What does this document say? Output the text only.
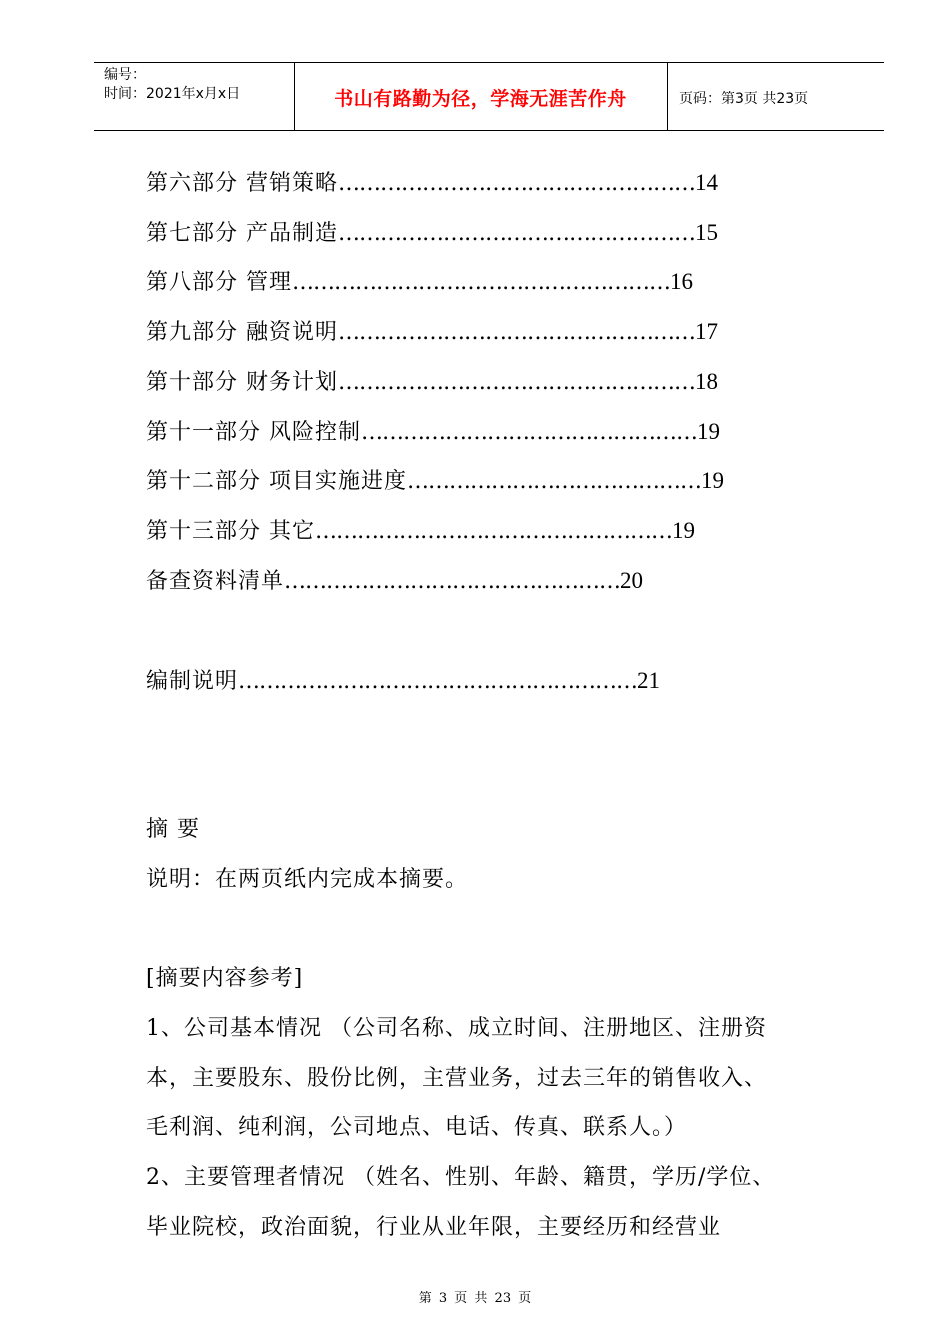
编号：
时间：2021年x月x日	书山有路勤为径，学海无涯苦作舟	页码：第3页 共23页
第六部分 营销策略……………………………………………14
第七部分 产品制造……………………………………………15
第八部分 管理………………………………………………16
第九部分 融资说明……………………………………………17
第十部分 财务计划……………………………………………18
第十一部分 风险控制…………………………………………19
第十二部分 项目实施进度……………………………………19
第十三部分 其它……………………………………………19
备查资料清单…………………………………………20
编制说明…………………………………………………21
摘 要
说明：在两页纸内完成本摘要。
[摘要内容参考]
1、公司基本情况 （公司名称、成立时间、注册地区、注册资
本，主要股东、股份比例，主营业务，过去三年的销售收入、
毛利润、纯利润，公司地点、电话、传真、联系人。）
2、主要管理者情况 （姓名、性别、年龄、籍贯，学历/学位、
毕业院校，政治面貌，行业从业年限，主要经历和经营业
第 3 页 共 23 页
